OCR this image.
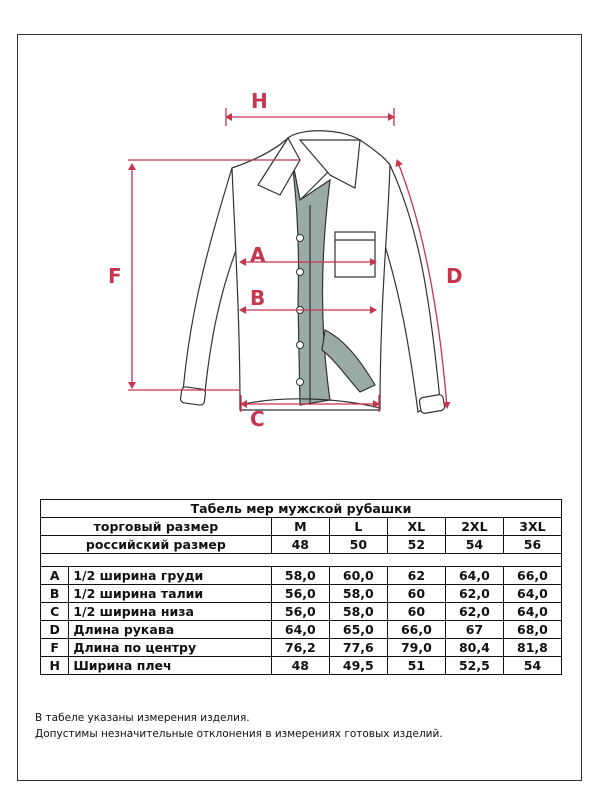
H
F	D
A
B
C
Табель мер мужской рубашки						
торговый размер		M	L	XL	2XL	3XL
российский размер		48	50	52	54	56

A	1/2 ширина груди	58,0	60,0	62	64,0	66,0
B	1/2 ширина талии	56,0	58,0	60	62,0	64,0
C	1/2 ширина низа	56,0	58,0	60	62,0	64,0
D	Длина рукава	64,0	65,0	66,0	67	68,0
F	Длина по центру	76,2	77,6	79,0	80,4	81,8
H	Ширина плеч	48	49,5	51	52,5	54
В табеле указаны измерения изделия.
Допустимы незначительные отклонения в измерениях готовых изделий.
